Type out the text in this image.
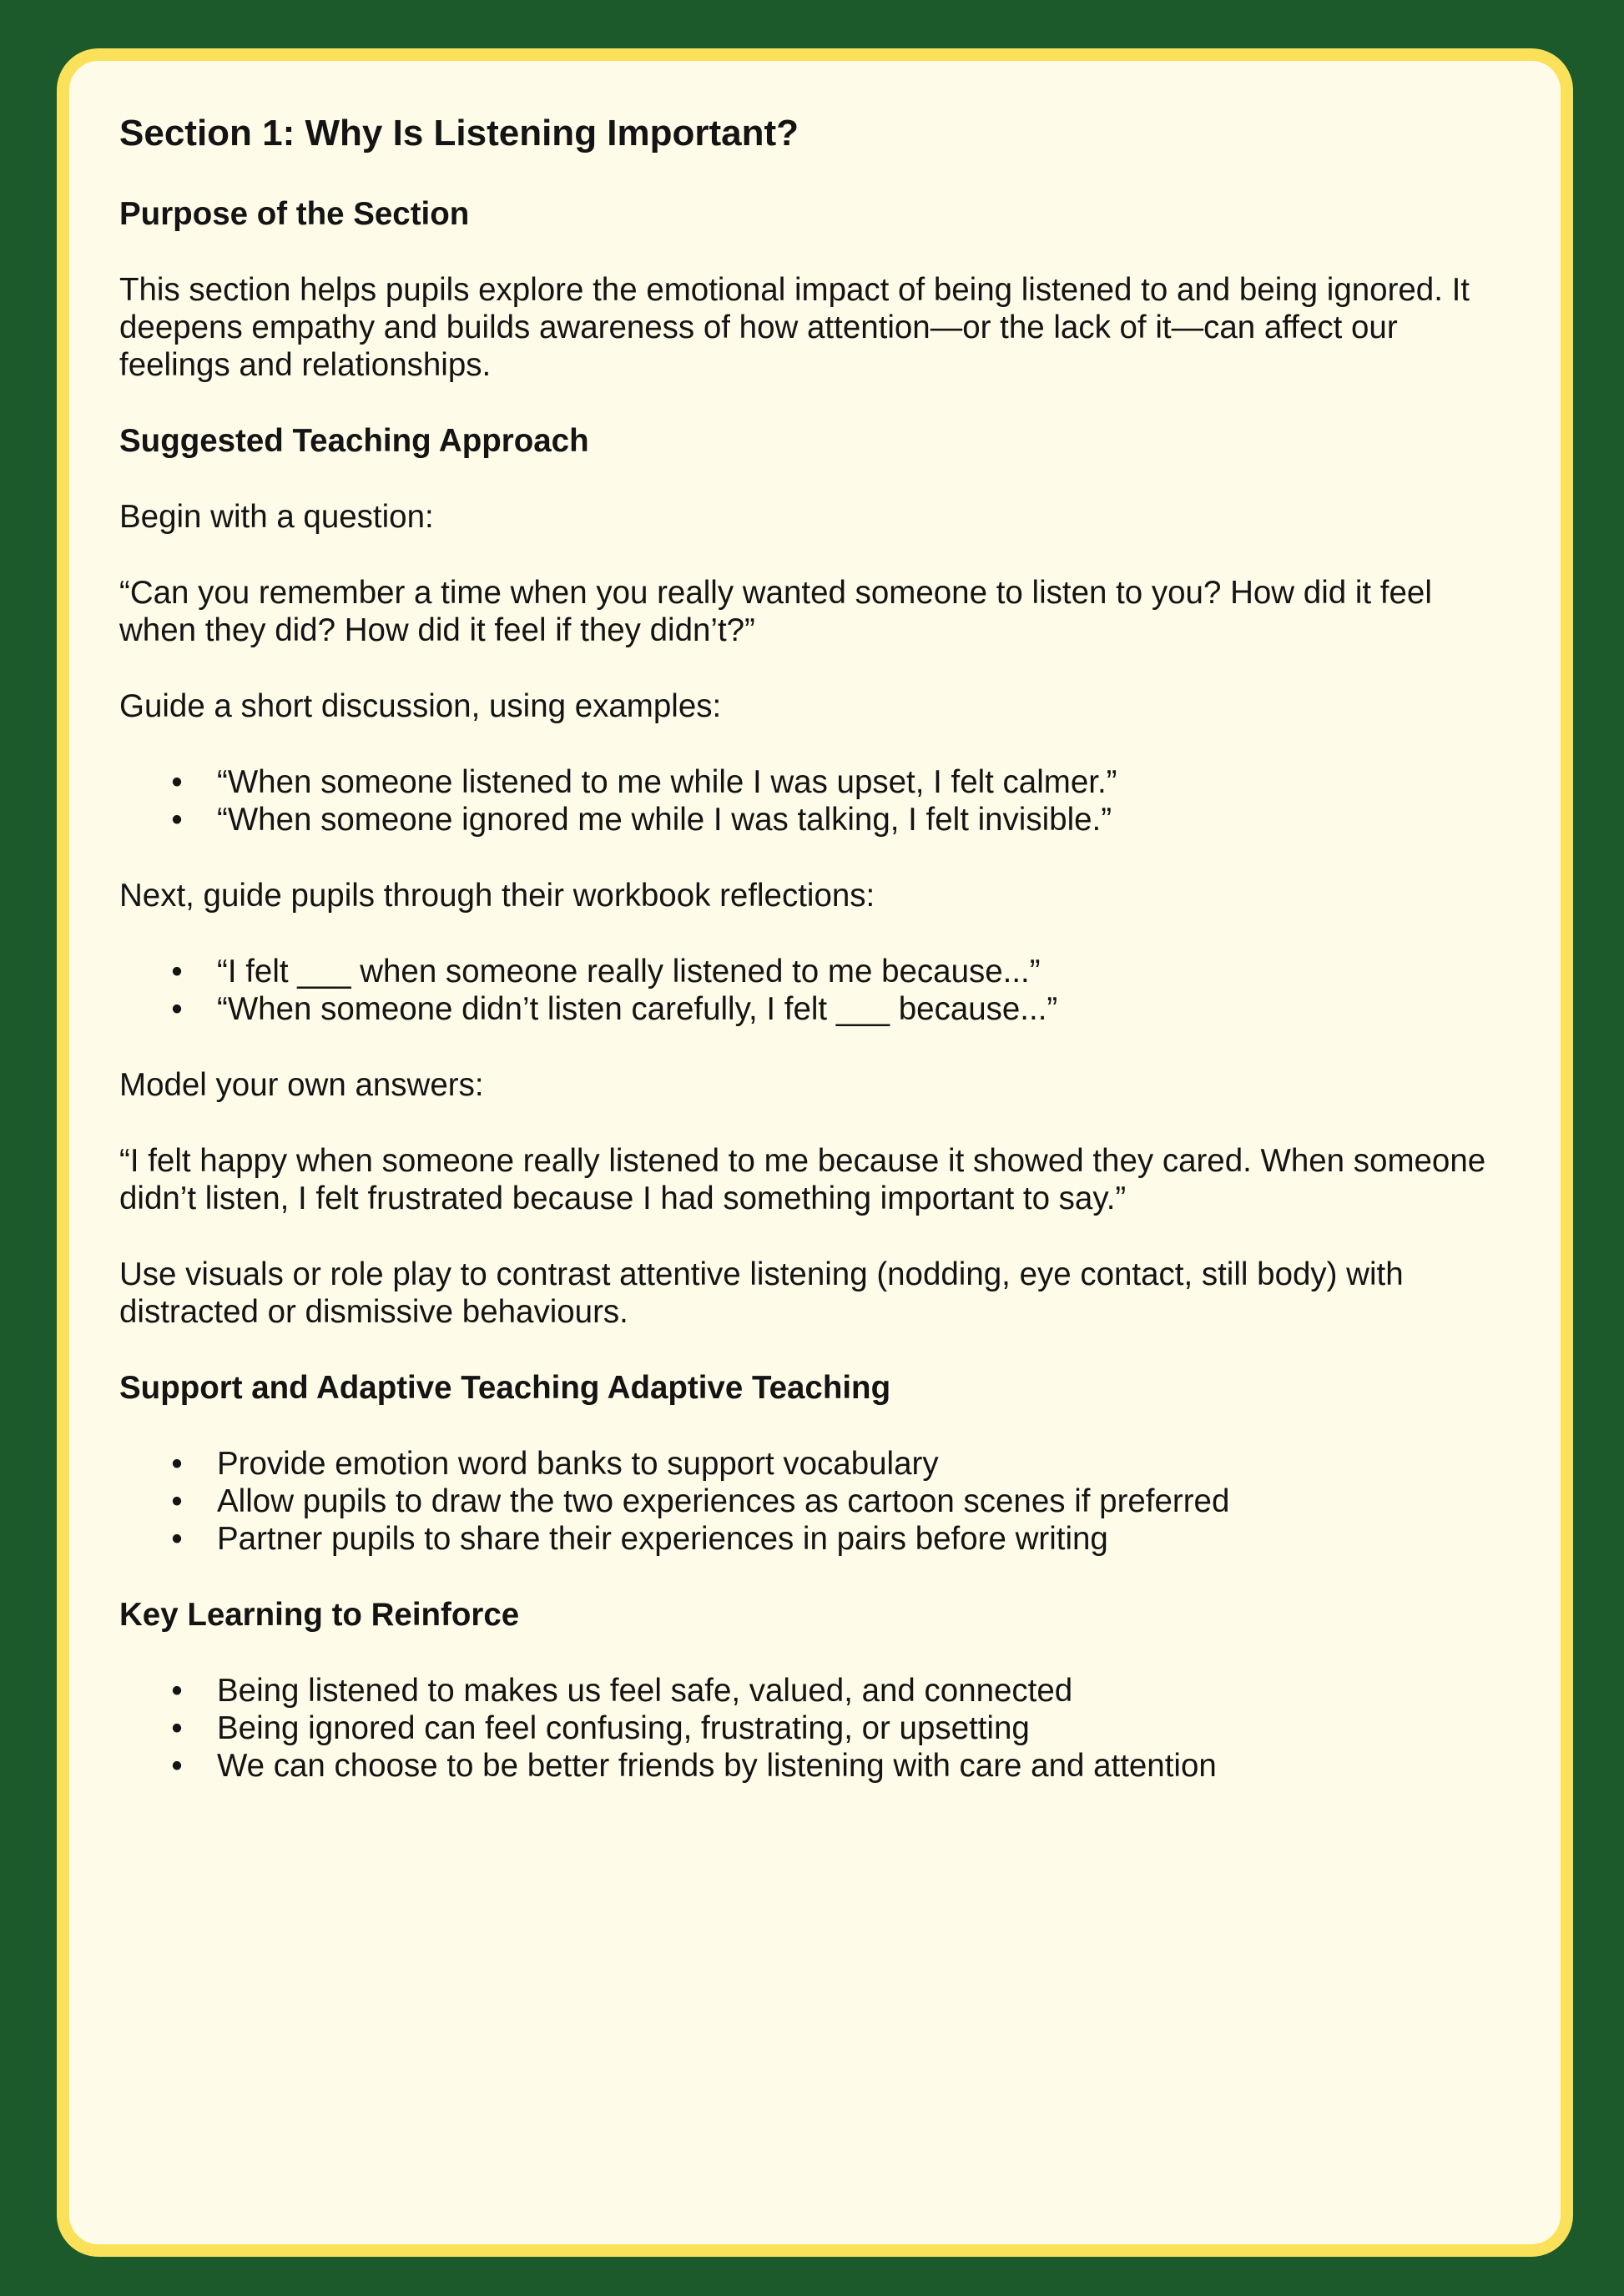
Section 1: Why Is Listening Important?
Purpose of the Section

This section helps pupils explore the emotional impact of being listened to and being ignored. It

deepens empathy and builds awareness of how attention—or the lack of it—can affect our

feelings and relationships.

Suggested Teaching Approach

Begin with a question:

“Can you remember a time when you really wanted someone to listen to you? How did it feel

when they did? How did it feel if they didn’t?”

Guide a short discussion, using examples:

• “When someone listened to me while I was upset, I felt calmer.”
• “When someone ignored me while I was talking, I felt invisible.”

Next, guide pupils through their workbook reflections:

• “I felt ___ when someone really listened to me because...”
• “When someone didn’t listen carefully, I felt ___ because...”

Model your own answers:

“I felt happy when someone really listened to me because it showed they cared. When someone

didn’t listen, I felt frustrated because I had something important to say.”

Use visuals or role play to contrast attentive listening (nodding, eye contact, still body) with

distracted or dismissive behaviours.

Support and Adaptive Teaching Adaptive Teaching
• Provide emotion word banks to support vocabulary
• Allow pupils to draw the two experiences as cartoon scenes if preferred
• Partner pupils to share their experiences in pairs before writing
Key Learning to Reinforce
• Being listened to makes us feel safe, valued, and connected
• Being ignored can feel confusing, frustrating, or upsetting
• We can choose to be better friends by listening with care and attention
